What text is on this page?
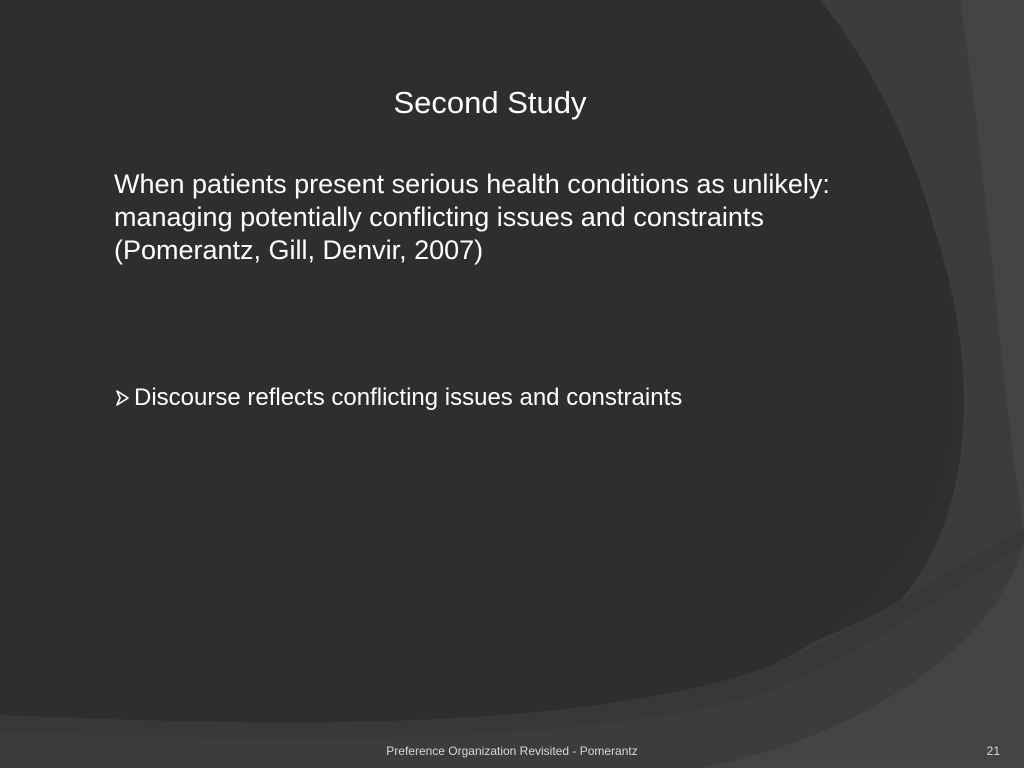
Second Study
When patients present serious health conditions as unlikely:
managing potentially conflicting issues and constraints
(Pomerantz, Gill, Denvir, 2007)
Discourse reflects conflicting issues and constraints
Preference Organization Revisited - Pomerantz	21
